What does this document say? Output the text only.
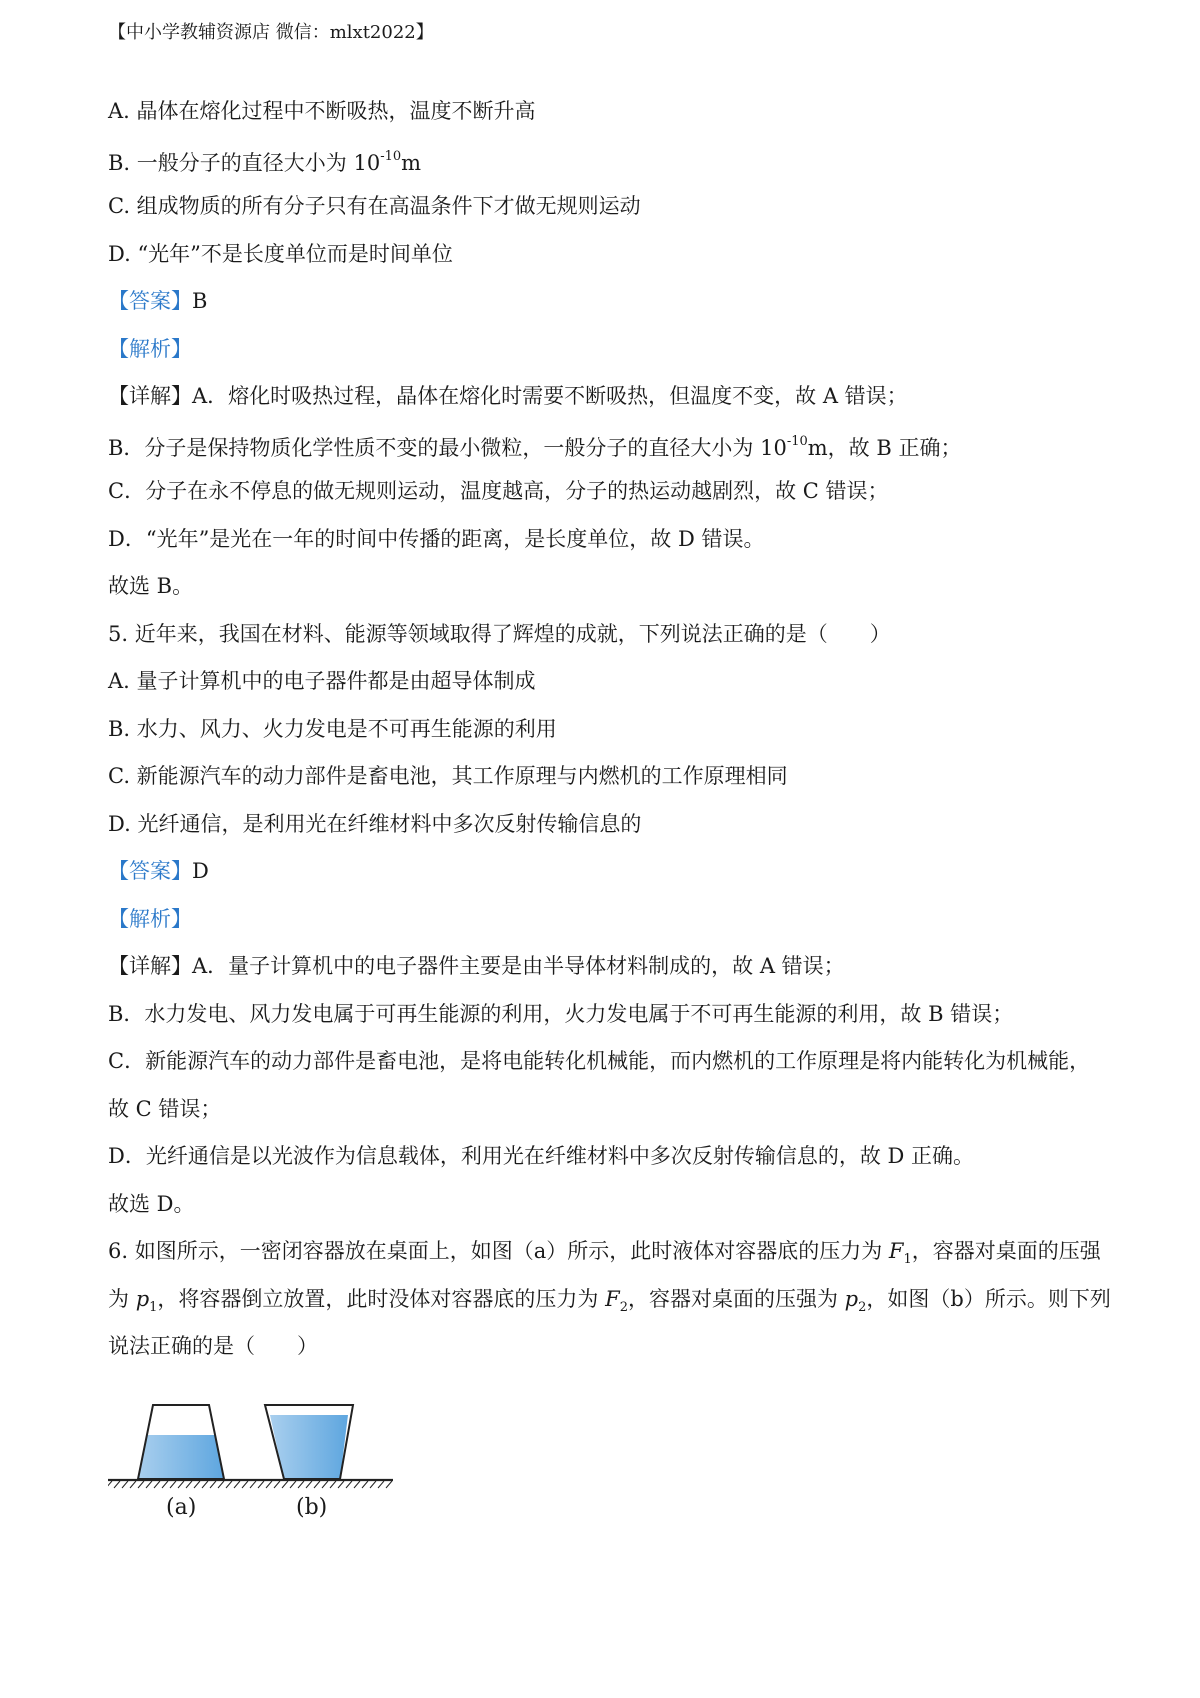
【中小学教辅资源店 微信：mlxt2022】
A. 晶体在熔化过程中不断吸热，温度不断升高
B. 一般分子的直径大小为 $10^{-10}m$
C. 组成物质的所有分子只有在高温条件下才做无规则运动
D. “光年”不是长度单位而是时间单位
【答案】B
【解析】
【详解】A．熔化时吸热过程，晶体在熔化时需要不断吸热，但温度不变，故 A 错误；
B．分子是保持物质化学性质不变的最小微粒，一般分子的直径大小为 $10^{-10}m$，故 B 正确；
C．分子在永不停息的做无规则运动，温度越高，分子的热运动越剧烈，故 C 错误；
D．“光年”是光在一年的时间中传播的距离，是长度单位，故 D 错误。
故选 B。
5. 近年来，我国在材料、能源等领域取得了辉煌的成就，下列说法正确的是（　　）
A. 量子计算机中的电子器件都是由超导体制成
B. 水力、风力、火力发电是不可再生能源的利用
C. 新能源汽车的动力部件是畜电池，其工作原理与内燃机的工作原理相同
D. 光纤通信，是利用光在纤维材料中多次反射传输信息的
【答案】D
【解析】
【详解】A．量子计算机中的电子器件主要是由半导体材料制成的，故 A 错误；
B．水力发电、风力发电属于可再生能源的利用，火力发电属于不可再生能源的利用，故 B 错误；
C．新能源汽车的动力部件是畜电池，是将电能转化机械能，而内燃机的工作原理是将内能转化为机械能，
故 C 错误；
D．光纤通信是以光波作为信息载体，利用光在纤维材料中多次反射传输信息的，故 D 正确。
故选 D。
6. 如图所示，一密闭容器放在桌面上，如图（a）所示，此时液体对容器底的压力为 $F_1$，容器对桌面的压强
为 $p_1$，将容器倒立放置，此时没体对容器底的压力为 $F_2$，容器对桌面的压强为 $p_2$，如图（b）所示。则下列
说法正确的是（　　）
(a)	(b)
